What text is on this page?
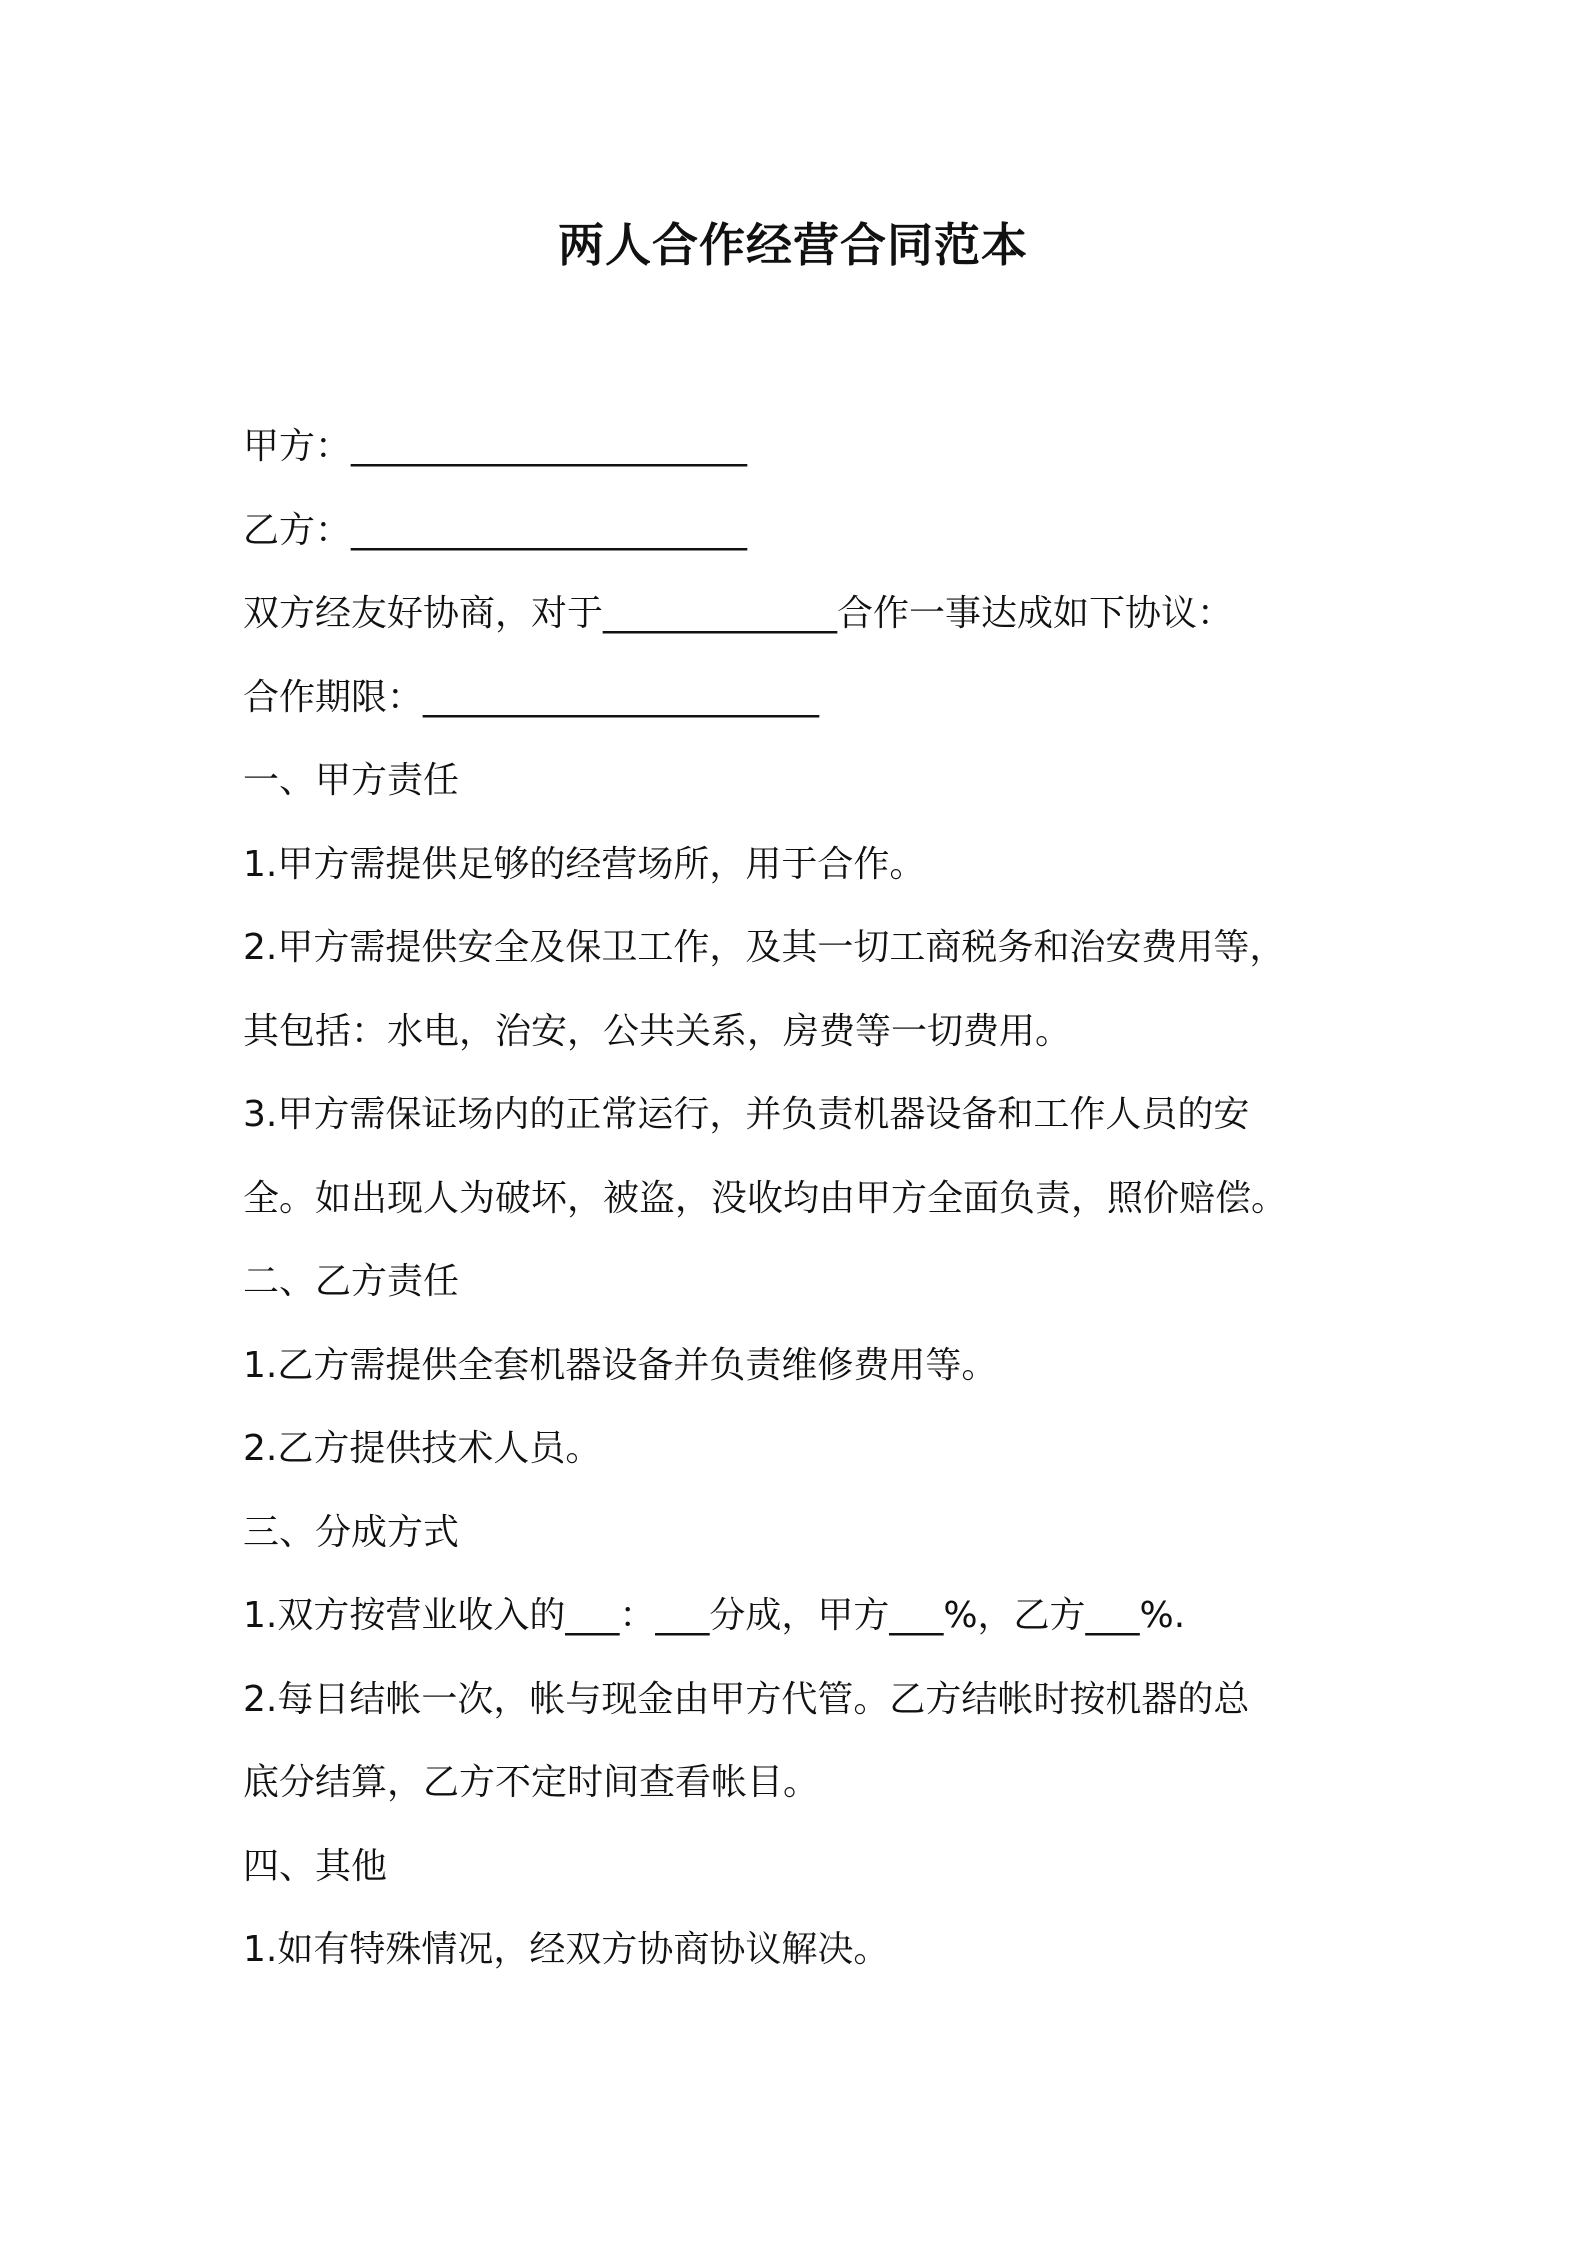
两人合作经营合同范本
甲方：______________________
乙方：______________________
双方经友好协商，对于_____________合作一事达成如下协议：
合作期限：______________________
一、甲方责任
1.甲方需提供足够的经营场所，用于合作。
2.甲方需提供安全及保卫工作，及其一切工商税务和治安费用等，
其包括：水电，治安，公共关系，房费等一切费用。
3.甲方需保证场内的正常运行，并负责机器设备和工作人员的安
全。如出现人为破坏，被盗，没收均由甲方全面负责，照价赔偿。
二、乙方责任
1.乙方需提供全套机器设备并负责维修费用等。
2.乙方提供技术人员。
三、分成方式
1.双方按营业收入的___：___分成，甲方___%，乙方___%.
2.每日结帐一次，帐与现金由甲方代管。乙方结帐时按机器的总
底分结算，乙方不定时间查看帐目。
四、其他
1.如有特殊情况，经双方协商协议解决。
